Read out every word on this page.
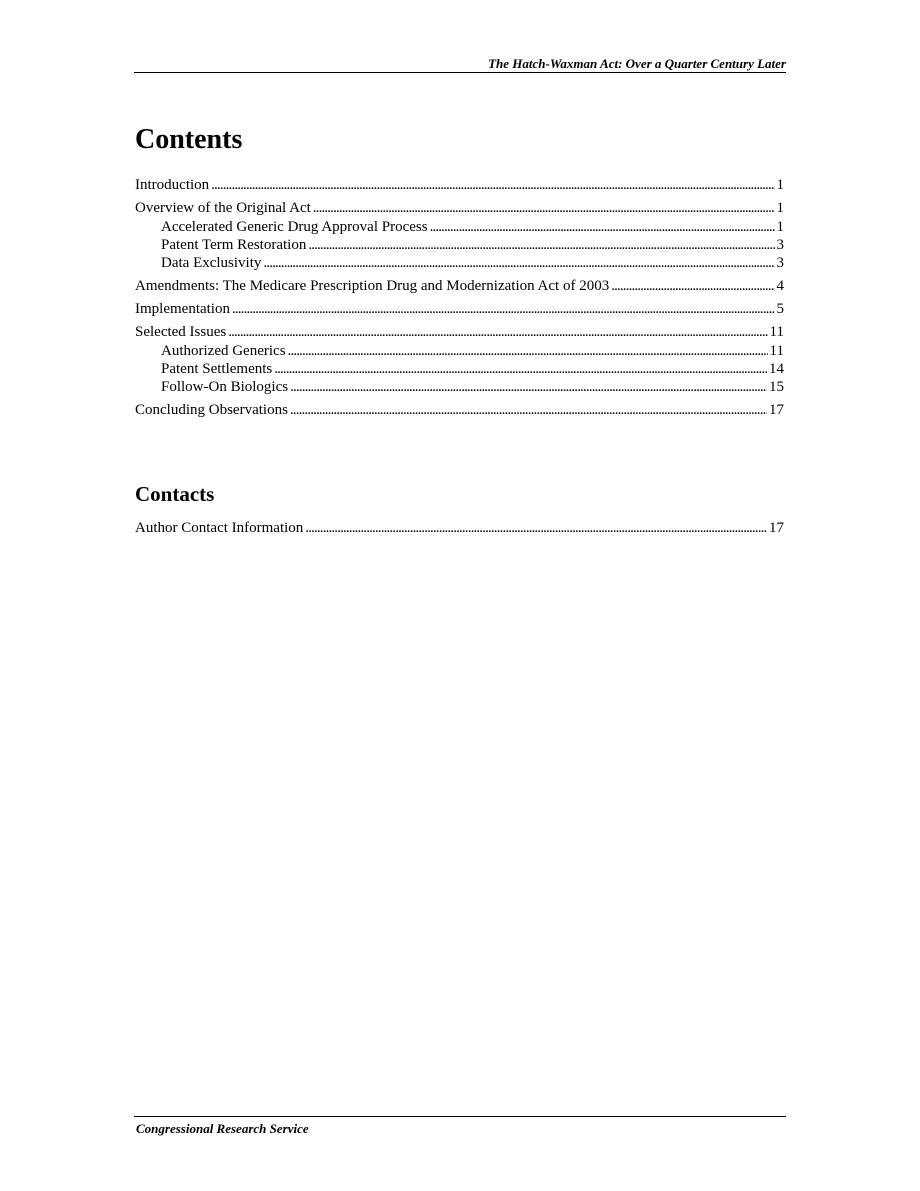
The Hatch-Waxman Act: Over a Quarter Century Later
Contents
Introduction . . .	1
Overview of the Original Act . . .	1
Accelerated Generic Drug Approval Process . . .	1
Patent Term Restoration . . .	3
Data Exclusivity . . .	3
Amendments: The Medicare Prescription Drug and Modernization Act of 2003 . . .	4
Implementation . . .	5
Selected Issues . . .	11
Authorized Generics . . .	11
Patent Settlements . . .	14
Follow-On Biologics . . .	15
Concluding Observations . . .	17
Contacts
Author Contact Information . . .	17
Congressional Research Service
